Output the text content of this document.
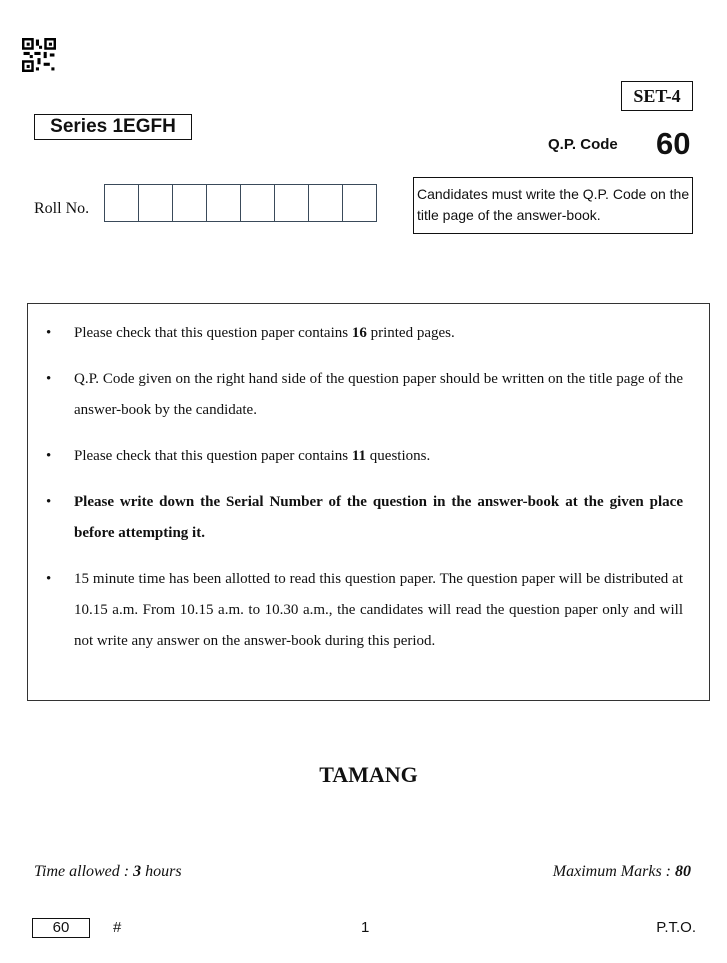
SET-4
Series 1EGFH
Q.P. Code 60
Roll No.
Candidates must write the Q.P. Code on the title page of the answer-book.
• Please check that this question paper contains 16 printed pages.
• Q.P. Code given on the right hand side of the question paper should be written on the title page of the answer-book by the candidate.
• Please check that this question paper contains 11 questions.
• Please write down the Serial Number of the question in the answer-book at the given place before attempting it.
• 15 minute time has been allotted to read this question paper. The question paper will be distributed at 10.15 a.m. From 10.15 a.m. to 10.30 a.m., the candidates will read the question paper only and will not write any answer on the answer-book during this period.
TAMANG
Time allowed : 3 hours	Maximum Marks : 80
60	#	1	P.T.O.
